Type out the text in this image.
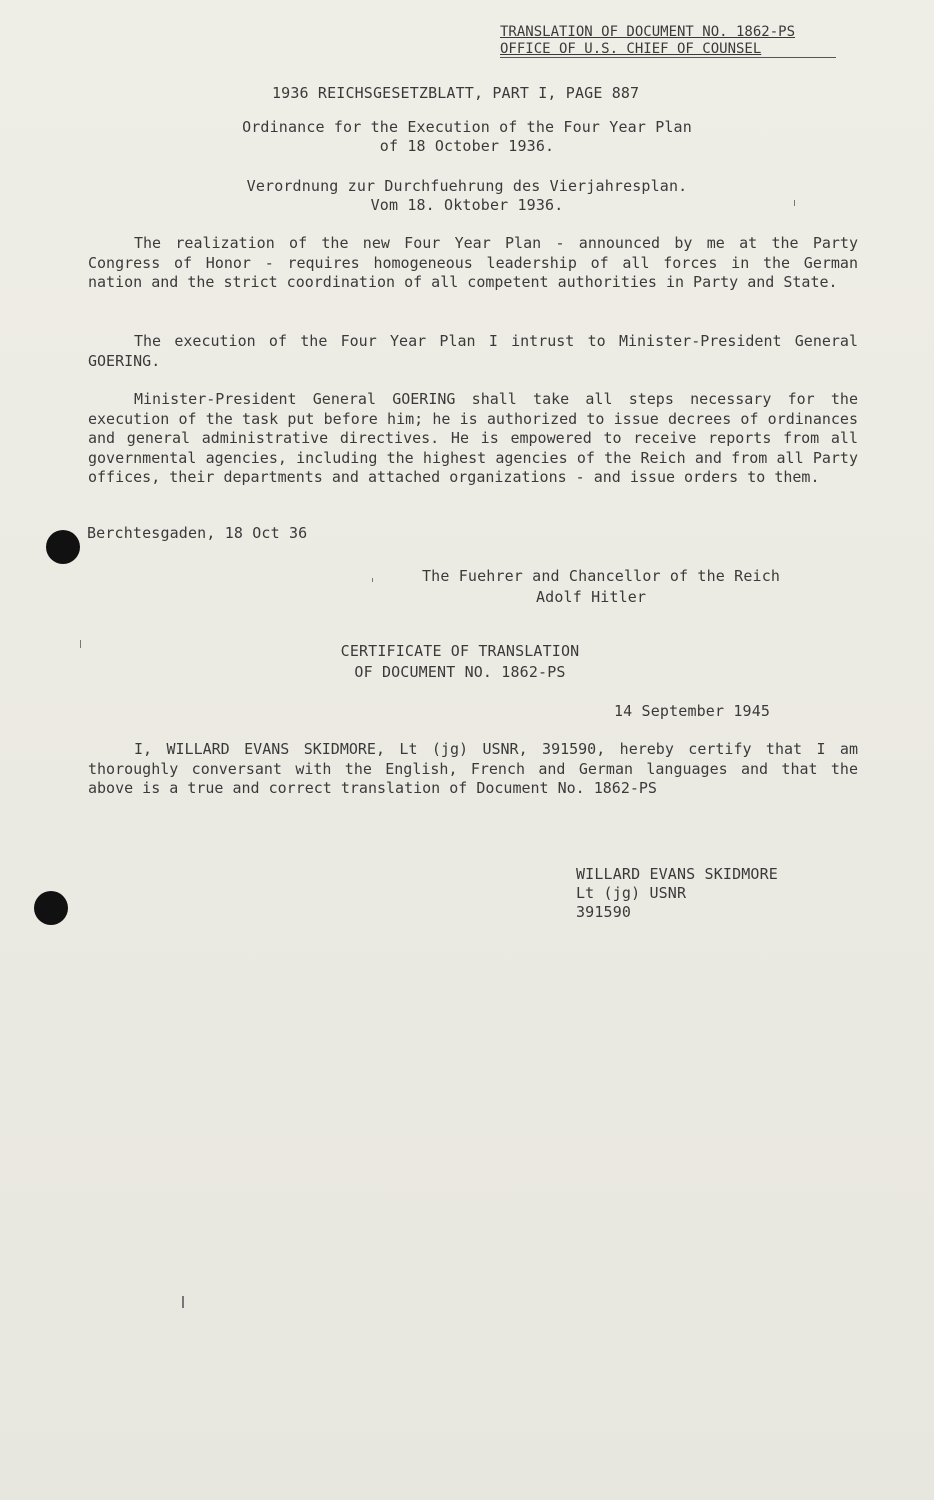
TRANSLATION OF DOCUMENT NO. 1862-PS
OFFICE OF U.S. CHIEF OF COUNSEL
1936 REICHSGESETZBLATT, PART I, PAGE 887
Ordinance for the Execution of the Four Year Plan
of 18 October 1936.
Verordnung zur Durchfuehrung des Vierjahresplan.
Vom 18. Oktober 1936.

The realization of the new Four Year Plan - announced by me at the Party Congress of Honor - requires homogeneous leadership of all forces in the German nation and the strict coordination of all competent authorities in Party and State.

The execution of the Four Year Plan I intrust to Minister-President General GOERING.

Minister-President General GOERING shall take all steps necessary for the execution of the task put before him; he is authorized to issue decrees of ordinances and general administrative directives. He is empowered to receive reports from all governmental agencies, including the highest agencies of the Reich and from all Party offices, their departments and attached organizations - and issue orders to them.

Berchtesgaden, 18 Oct 36
The Fuehrer and Chancellor of the Reich
Adolf Hitler
CERTIFICATE OF TRANSLATION
OF DOCUMENT NO. 1862-PS
14 September 1945

I, WILLARD EVANS SKIDMORE, Lt (jg) USNR, 391590, hereby certify that I am thoroughly conversant with the English, French and German languages and that the above is a true and correct translation of Document No. 1862-PS

WILLARD EVANS SKIDMORE
Lt (jg) USNR
391590
